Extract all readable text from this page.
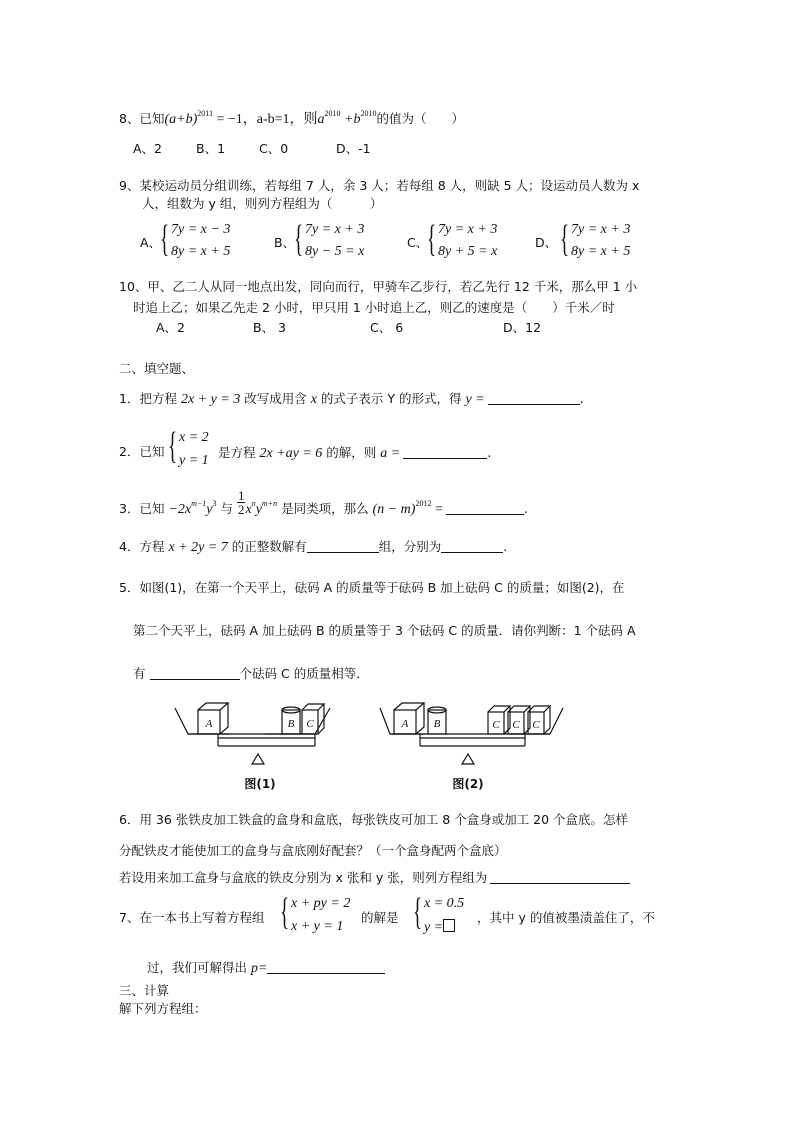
8、已知$(a+b)^{2011} = -1$，a-b=1，则$a^{2010} +b^{2010}$的值为（　　）
A、2	B、1	C、0	D、-1
9、某校运动员分组训练，若每组 7 人，余 3 人；若每组 8 人，则缺 5 人；设运动员人数为 x
人，组数为 y 组，则列方程组为（　　　）
A、
{ 7y = x − 3
8y = x + 5
B、
{ 7y = x + 3
8y − 5 = x
C、
{ 7y = x + 3
8y + 5 = x
D、 { 7y = x + 3
8y = x + 5
10、甲、乙二人从同一地点出发，同向而行，甲骑车乙步行，若乙先行 12 千米，那么甲 1 小
时追上乙；如果乙先走 2 小时，甲只用 1 小时追上乙，则乙的速度是（　　）千米／时
A、2	B、 3	C、 6	D、12
二、填空题、
1．把方程 2x + y = 3 改写成用含 x 的式子表示 Y 的形式，得 y =	.
2．已知 { x = 2
y = 1
是方程 2x +ay = 6 的解，则 a =	.
3．已知 $-2x^{m-1}y^3$ 与 $\frac{1}{2} x^ny^{m+n}$ 是同类项，那么 $(n - m)^{2012}$ =	.
4．方程 x + 2y = 7 的正整数解有	组，分别为	.
5．如图(1)，在第一个天平上，砝码 A 的质量等于砝码 B 加上砝码 C 的质量；如图(2)，在
第二个天平上，砝码 A 加上砝码 B 的质量等于 3 个砝码 C 的质量．请你判断：1 个砝码 A
有	个砝码 C 的质量相等．
A	B C	A B	C C C
图(1)	图(2)
6．用 36 张铁皮加工铁盒的盒身和盒底，每张铁皮可加工 8 个盒身或加工 20 个盒底。怎样
分配铁皮才能使加工的盒身与盒底刚好配套？（一个盒身配两个盒底）
若设用来加工盒身与盒底的铁皮分别为 x 张和 y 张，则列方程组为
7、在一本书上写着方程组 { x + py = 2
x + y = 1
的解是 { x = 0.5
y =
，其中 y 的值被墨渍盖住了，不
过，我们可解得出 p=
三、计算
解下列方程组：
